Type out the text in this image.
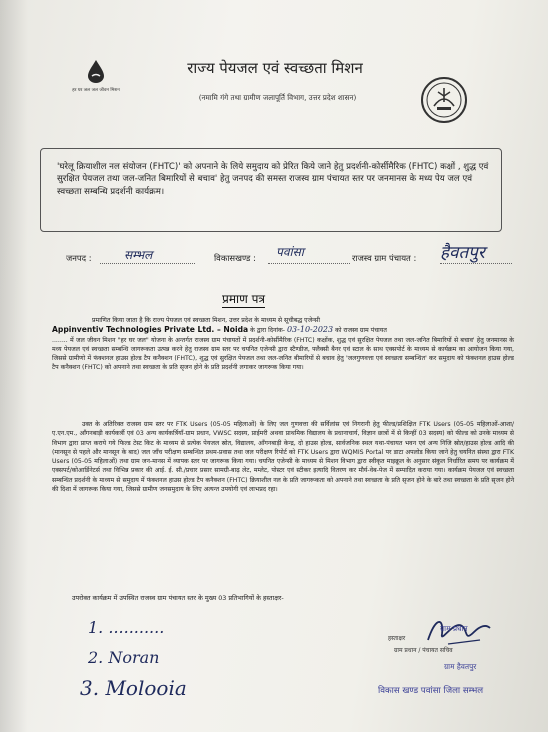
हर घर जल जल जीवन मिशन
राज्य पेयजल एवं स्वच्छता मिशन
(नमामि गंगे तथा ग्रामीण जलापूर्ति विभाग, उत्तर प्रदेश शासन)
'घरेलू क्रियाशील नल संयोजन (FHTC)' को अपनाने के लिये समुदाय को प्रेरित किये जाने हेतु प्रदर्शनी-कोर्सीमैरिक (FHTC) कक्षों , शुद्ध एवं सुरक्षित पेयजल तथा जल-जनित बिमारियों से बचाव' हेतु जनपद की समस्त राजस्व ग्राम पंचायत स्तर पर जनमानस के मध्य पेय जल एवं स्वच्छता सम्बन्धि प्रदर्शनी कार्यक्रम।
जनपद :	सम्भल	विकासखण्ड : पवांसा	राजस्व ग्राम पंचायत : हैवतपुर
प्रमाण पत्र
प्रमाणित किया जाता है कि राज्य पेयजल एवं स्वच्छता मिशन, उत्तर प्रदेश के माध्यम से सूचीबद्ध एजेन्सी
Appinventiv Technologies Private Ltd. – Noida के द्वारा दिनांक- 03-10-2023 को राजस्व ग्राम पंचायत
........ में जल जीवन मिशन "हर घर जल" योजना के अन्तर्गत राजस्व ग्राम पंचायतों में प्रदर्शनी-कोर्सीमैरिक (FHTC) कक्षोंक, शुद्ध एवं सुरक्षित पेयजल तथा जल-जनित बिमारियों से बचाव' हेतु जनमानस के मध्य पेयजल एवं स्वच्छता सम्बन्धि जागरूकता उत्पन्न करने हेतु राजस्व ग्राम स्तर पर चयनित एजेन्सी द्वारा स्टैण्डीज, फ्लैक्सी बैनर एवं स्टाल के साथ एक्सपोर्ट के माध्यम से कार्यक्रम का आयोजन किया गया, जिससे ग्रामीणो में फंक्शनल हाउस होल्ड टैप कनैक्शन (FHTC), शुद्ध एवं सुरक्षित पेयजल तथा जल-जनित बीमारियों से बचाव हेतु 'जलगुणवत्ता एवं स्वच्छता सम्बन्धित' कर समुदाय को फंक्शनल हाउस होल्ड टैप कनैक्शन (FHTC) को अपनाने तथा स्वच्छता के प्रति सृजन होने के प्रति प्रदर्शनी लगाकर जागरूक किया गया।
उक्त के अतिरिक्त राजस्व ग्राम स्तर पर FTK Users (05-05 महिलाओं) के लिए जल गुणवत्ता की सर्विलांस एवं निगरानी हेतु फील्ड/प्रशिक्षित FTK Users (05-05 महिलाओं-आशा/ए.एन.एम., आँगनबाड़ी कार्यकर्त्री एवं 03 अन्य कार्यकर्त्रियाँ-ग्राम प्रधान, VWSC सदस्य, प्राईमरी अथवा प्राथमिक विद्यालय के प्रधानाचार्य, विज्ञान छात्रों में से किन्हीं 03 सदस्य) को फील्ड को उनके माध्यम से विभाग द्वारा प्राप्त कराये गये फिल्ड टेस्ट किट के माध्यम से प्रत्येक पेयजल स्रोत, विद्यालय, आँगनबाड़ी केन्द्र, दो हाउस होल्ड, सार्वजनिक स्थल यथा-पंचायत भवन एवं अन्य निजि स्रोत/हाउस होल्ड आदि की (मानसून से पहले और मानसून के बाद) जल जाँच परीक्षण सम्बन्धित प्रथम-प्रवास तथा जल परीक्षण रिपोर्ट को FTK Users द्वारा WQMIS Portal पर डाटा अपलोड किया जाने हेतु चयनित संस्था द्वारा FTK Users (05-05 महिलाओं) तथा ग्राम जन-मानस में व्यापक स्तर पर जागरूक किया गया। चयनित एजेन्सी के माध्यम से मिशन विभाग द्वारा स्वीकृत माइक्रूल के अनुसार संकुल निर्धारित समय पर कार्यक्रम में एक्सपर्ट/कोआर्डिनेटर्स तथा विभिन्न प्रकार की आई. ई. सी./प्रचार प्रसार सामग्री-बाढ़ लेट, मम्लेट, पोस्टर एवं स्टीकर इत्यादि वितरण कर मौर्य-वेब-पेज में सम्पादित कराया गया। कार्यक्रम पेयजल एवं स्वच्छता सम्बन्धित प्रदर्शनी के माध्यम से समुदाय में फंक्शनल हाउस होल्ड टैप कनैक्शन (FHTC) क्रियाशील नल के प्रति जागरूकता को अपनाने तथा स्वच्छता के प्रति सृजन होने के बारे तथा स्वच्छता के प्रति सृजन होने की दिशा में जागरूक किया गया, जिससे ग्रामीण जनसमुदाय के लिए अत्यन्त उपयोगी एवं लाभप्रद रहा।
उपरोक्त कार्यक्रम में उपस्थित राजस्व ग्राम पंचायत स्तर के मुख्य 03 प्रतिभागियों के हस्ताक्षर-
1. ...........
2. Noran
3. Molooia
हस्ताक्षर
ग्राम प्रधान
ग्राम प्रधान / पंचायत सचिव
ग्राम हैवतपुर
विकास खण्ड पवांसा जिला सम्भल
